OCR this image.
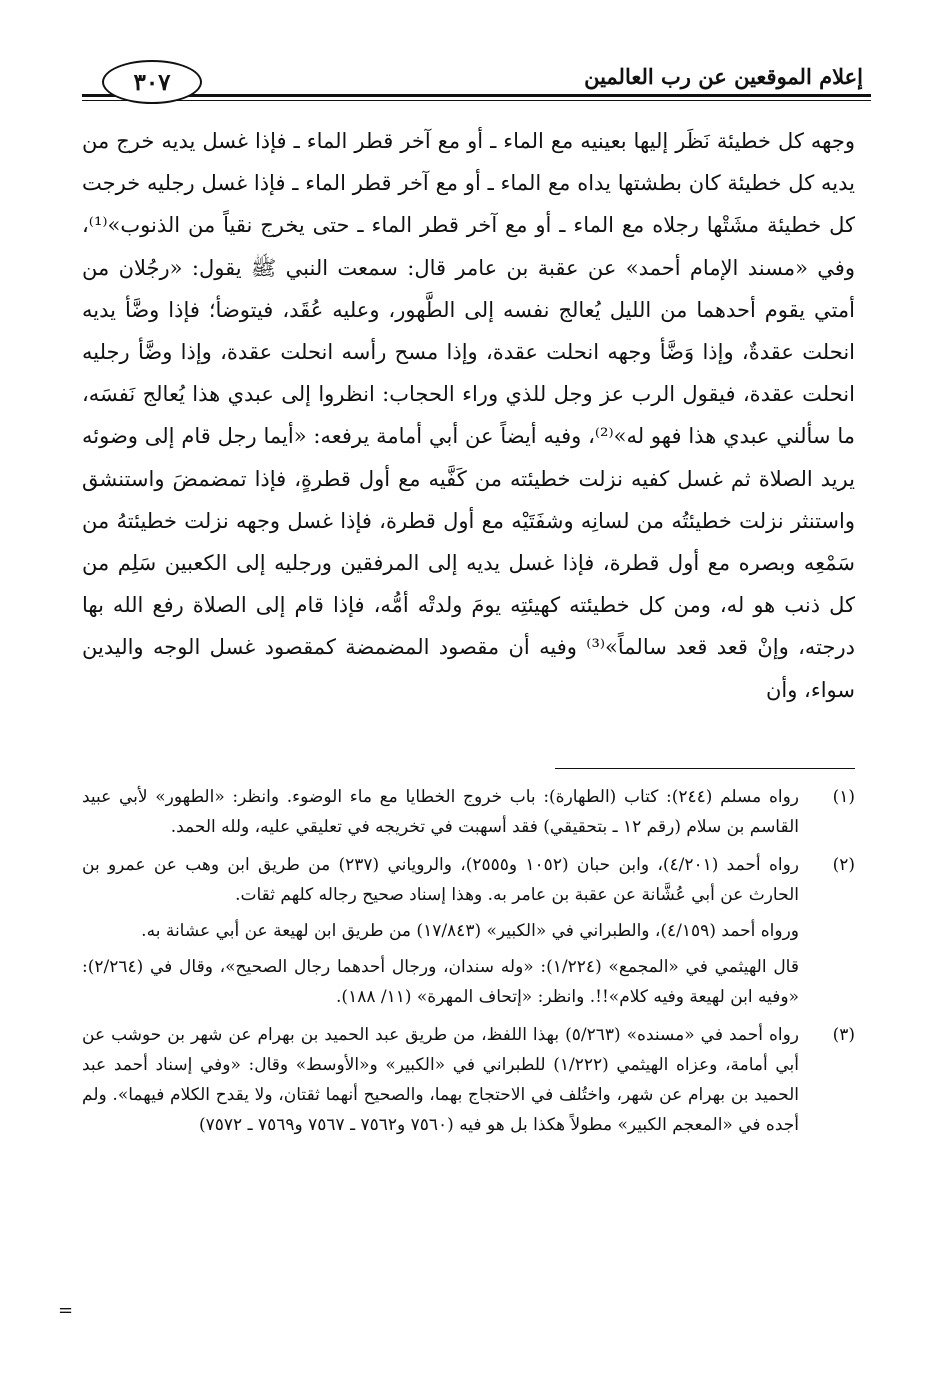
إعلام الموقعين عن رب العالمين
٣٠٧

وجهه كل خطيئة نَظَر إليها بعينيه مع الماء ـ أو مع آخر قطر الماء ـ فإذا غسل يديه خرج من يديه كل خطيئة كان بطشتها يداه مع الماء ـ أو مع آخر قطر الماء ـ فإذا غسل رجليه خرجت كل خطيئة مشَتْها رجلاه مع الماء ـ أو مع آخر قطر الماء ـ حتى يخرج نقياً من الذنوب»⁽¹⁾، وفي «مسند الإمام أحمد» عن عقبة بن عامر قال: سمعت النبي ﷺ يقول: «رجُلان من أمتي يقوم أحدهما من الليل يُعالج نفسه إلى الطَّهور، وعليه عُقَد، فيتوضأ؛ فإذا وضَّأ يديه انحلت عقدةٌ، وإذا وَضَّأ وجهه انحلت عقدة، وإذا مسح رأسه انحلت عقدة، وإذا وضَّأ رجليه انحلت عقدة، فيقول الرب عز وجل للذي وراء الحجاب: انظروا إلى عبدي هذا يُعالج نَفسَه، ما سألني عبدي هذا فهو له»⁽²⁾، وفيه أيضاً عن أبي أمامة يرفعه: «أيما رجل قام إلى وضوئه يريد الصلاة ثم غسل كفيه نزلت خطيئته من كَفَّيه مع أول قطرةٍ، فإذا تمضمضَ واستنشق واستنثر نزلت خطيئتُه من لسانِه وشفَتَيْه مع أول قطرة، فإذا غسل وجهه نزلت خطيئتهُ من سَمْعِه وبصره مع أول قطرة، فإذا غسل يديه إلى المرفقين ورجليه إلى الكعبين سَلِم من كل ذنب هو له، ومن كل خطيئته كهيئتِه يومَ ولدتْه أمُّه، فإذا قام إلى الصلاة رفع الله بها درجته، وإنْ قعد قعد سالماً»⁽³⁾ وفيه أن مقصود المضمضة كمقصود غسل الوجه واليدين سواء، وأن

(١)

رواه مسلم (٢٤٤): كتاب (الطهارة): باب خروج الخطايا مع ماء الوضوء. وانظر: «الطهور» لأبي عبيد القاسم بن سلام (رقم ١٢ ـ بتحقيقي) فقد أسهبت في تخريجه في تعليقي عليه، ولله الحمد.

(٢)

رواه أحمد (٤/٢٠١)، وابن حبان (١٠٥٢ و٢٥٥٥)، والروياني (٢٣٧) من طريق ابن وهب عن عمرو بن الحارث عن أبي عُشَّانة عن عقبة بن عامر به. وهذا إسناد صحيح رجاله كلهم ثقات.

ورواه أحمد (٤/١٥٩)، والطبراني في «الكبير» (١٧/٨٤٣) من طريق ابن لهيعة عن أبي عشانة به.

قال الهيثمي في «المجمع» (١/٢٢٤): «وله سندان، ورجال أحدهما رجال الصحيح»، وقال في (٢/٢٦٤): «وفيه ابن لهيعة وفيه كلام»!!. وانظر: «إتحاف المهرة» (١١/ ١٨٨).

(٣)

رواه أحمد في «مسنده» (٥/٢٦٣) بهذا اللفظ، من طريق عبد الحميد بن بهرام عن شهر بن حوشب عن أبي أمامة، وعزاه الهيثمي (١/٢٢٢) للطبراني في «الكبير» و«الأوسط» وقال: «وفي إسناد أحمد عبد الحميد بن بهرام عن شهر، واختُلف في الاحتجاج بهما، والصحيح أنهما ثقتان، ولا يقدح الكلام فيهما». ولم أجده في «المعجم الكبير» مطولاً هكذا بل هو فيه (٧٥٦٠ و٧٥٦٢ ـ ٧٥٦٧ و٧٥٦٩ ـ ٧٥٧٢)

=
